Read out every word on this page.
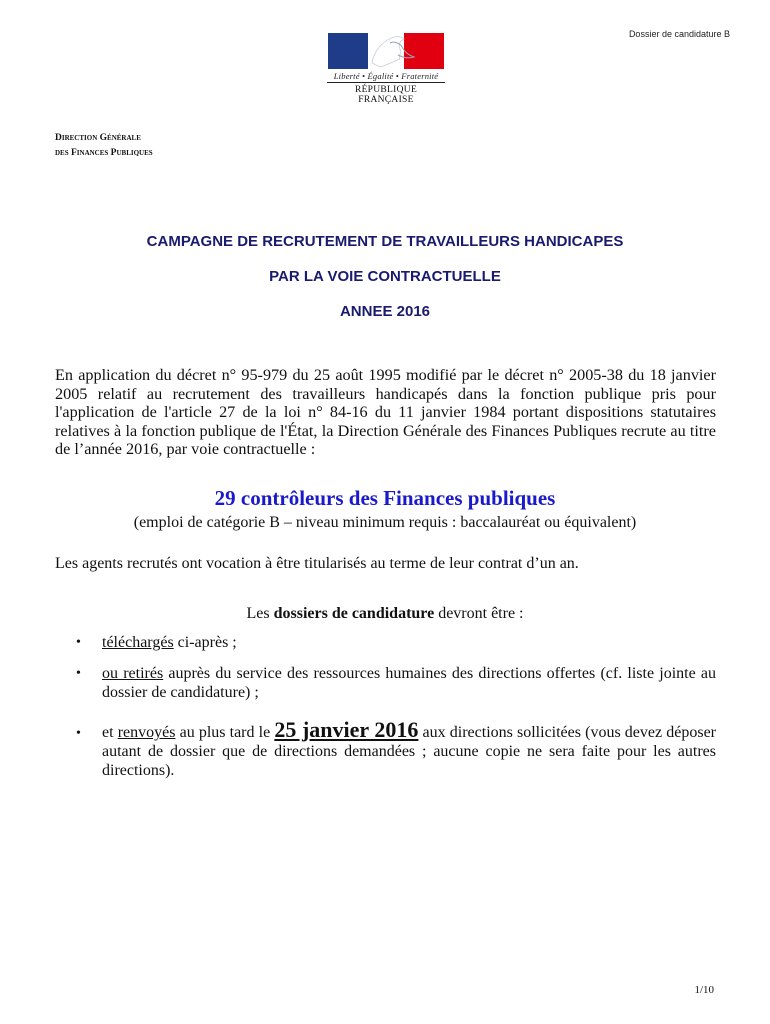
Dossier de candidature B
Liberté • Égalité • Fraternité
RÉPUBLIQUE FRANÇAISE
Direction Générale
des Finances Publiques
CAMPAGNE DE RECRUTEMENT DE TRAVAILLEURS HANDICAPES
PAR LA VOIE CONTRACTUELLE
ANNEE 2016
En application du décret n° 95-979 du 25 août 1995 modifié par le décret n° 2005-38 du 18 janvier 2005 relatif au recrutement des travailleurs handicapés dans la fonction publique pris pour l'application de l'article 27 de la loi n° 84-16 du 11 janvier 1984 portant dispositions statutaires relatives à la fonction publique de l'État, la Direction Générale des Finances Publiques recrute au titre de l’année 2016, par voie contractuelle :
29 contrôleurs des Finances publiques
(emploi de catégorie B – niveau minimum requis : baccalauréat ou équivalent)
Les agents recrutés ont vocation à être titularisés au terme de leur contrat d’un an.
Les dossiers de candidature devront être :
•	téléchargés ci-après ;
•	ou retirés auprès du service des ressources humaines des directions offertes (cf. liste jointe au dossier de candidature) ;
•	et renvoyés au plus tard le 25 janvier 2016 aux directions sollicitées (vous devez déposer autant de dossier que de directions demandées ; aucune copie ne sera faite pour les autres directions).
1/10
